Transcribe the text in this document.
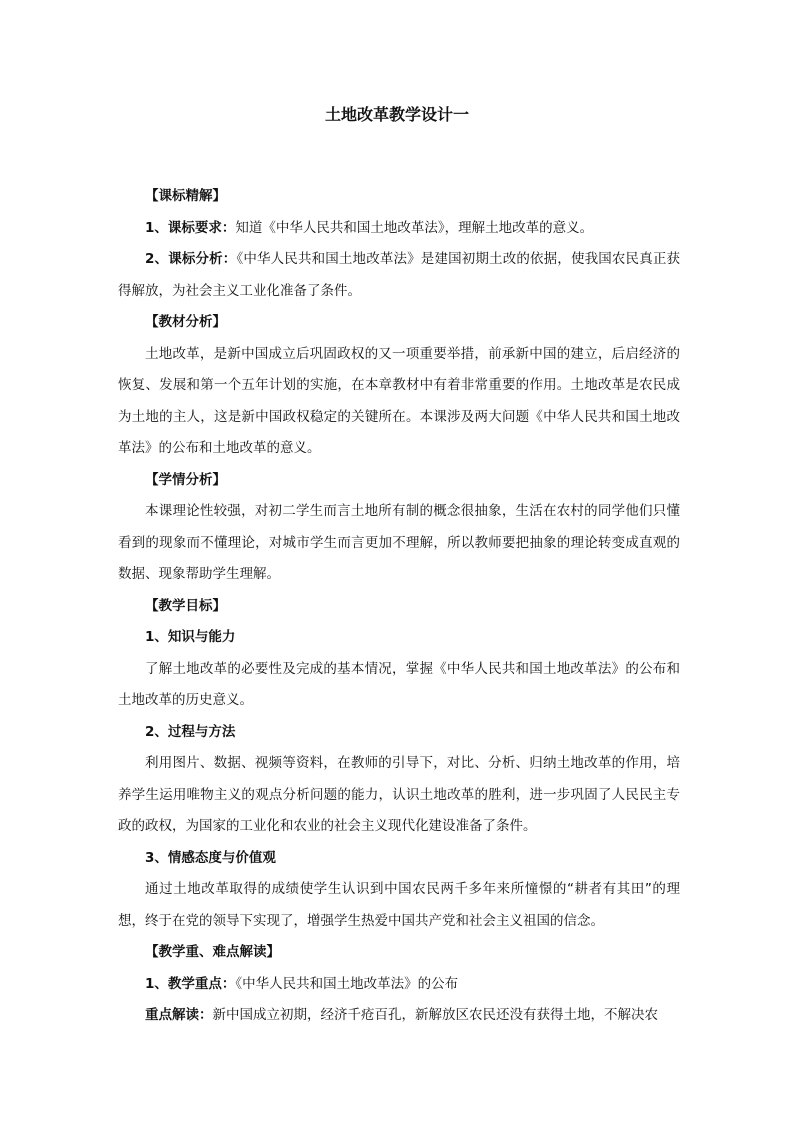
土地改革教学设计一

【课标精解】

1、课标要求：知道《中华人民共和国土地改革法》，理解土地改革的意义。

2、课标分析：《中华人民共和国土地改革法》是建国初期土改的依据，使我国农民真正获得解放，为社会主义工业化准备了条件。

【教材分析】

土地改革，是新中国成立后巩固政权的又一项重要举措，前承新中国的建立，后启经济的恢复、发展和第一个五年计划的实施，在本章教材中有着非常重要的作用。土地改革是农民成为土地的主人，这是新中国政权稳定的关键所在。本课涉及两大问题《中华人民共和国土地改革法》的公布和土地改革的意义。

【学情分析】

本课理论性较强，对初二学生而言土地所有制的概念很抽象，生活在农村的同学他们只懂看到的现象而不懂理论，对城市学生而言更加不理解，所以教师要把抽象的理论转变成直观的数据、现象帮助学生理解。

【教学目标】

1、知识与能力

了解土地改革的必要性及完成的基本情况，掌握《中华人民共和国土地改革法》的公布和土地改革的历史意义。

2、过程与方法

利用图片、数据、视频等资料，在教师的引导下，对比、分析、归纳土地改革的作用，培养学生运用唯物主义的观点分析问题的能力，认识土地改革的胜利，进一步巩固了人民民主专政的政权，为国家的工业化和农业的社会主义现代化建设准备了条件。

3、情感态度与价值观

通过土地改革取得的成绩使学生认识到中国农民两千多年来所憧憬的“耕者有其田”的理想，终于在党的领导下实现了，增强学生热爱中国共产党和社会主义祖国的信念。

【教学重、难点解读】

1、教学重点：《中华人民共和国土地改革法》的公布

重点解读：新中国成立初期，经济千疮百孔，新解放区农民还没有获得土地，不解决农
